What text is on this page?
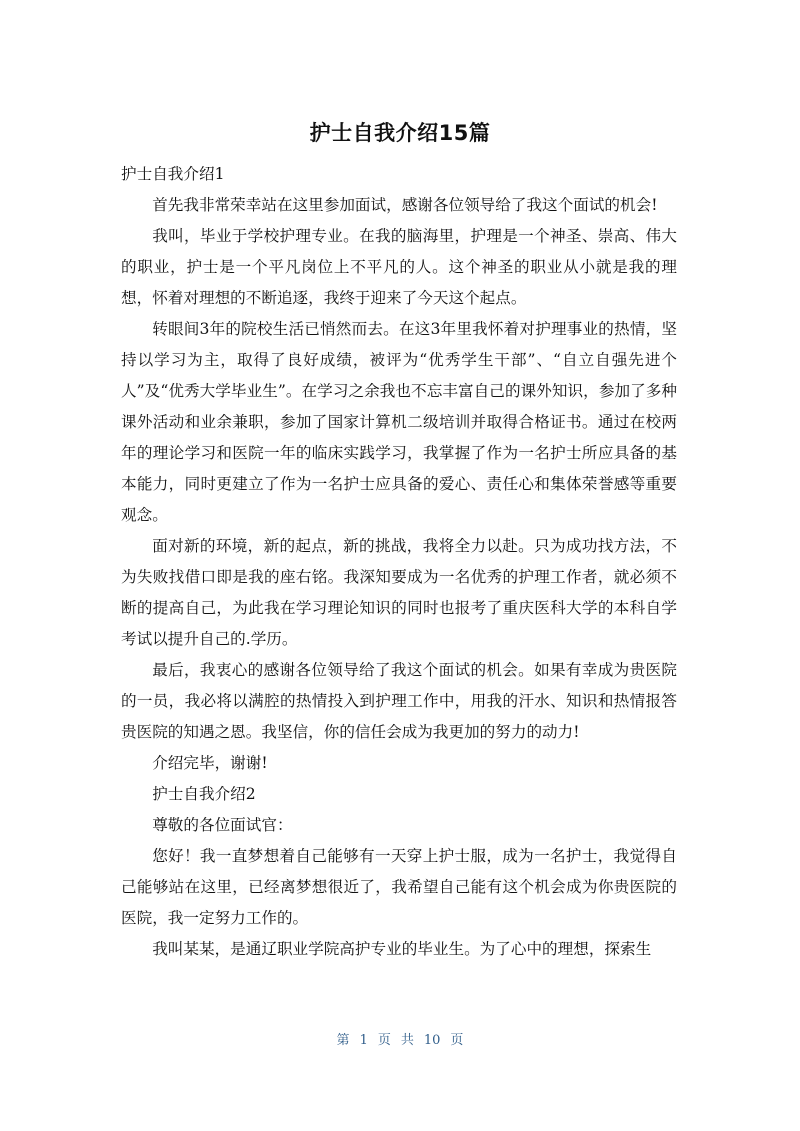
护士自我介绍15篇

护士自我介绍1

首先我非常荣幸站在这里参加面试，感谢各位领导给了我这个面试的机会!

我叫，毕业于学校护理专业。在我的脑海里，护理是一个神圣、崇高、伟大的职业，护士是一个平凡岗位上不平凡的人。这个神圣的职业从小就是我的理想，怀着对理想的不断追逐，我终于迎来了今天这个起点。

转眼间3年的院校生活已悄然而去。在这3年里我怀着对护理事业的热情，坚持以学习为主，取得了良好成绩，被评为“优秀学生干部”、“自立自强先进个人”及“优秀大学毕业生”。在学习之余我也不忘丰富自己的课外知识，参加了多种课外活动和业余兼职，参加了国家计算机二级培训并取得合格证书。通过在校两年的理论学习和医院一年的临床实践学习，我掌握了作为一名护士所应具备的基本能力，同时更建立了作为一名护士应具备的爱心、责任心和集体荣誉感等重要观念。

面对新的环境，新的起点，新的挑战，我将全力以赴。只为成功找方法，不为失败找借口即是我的座右铭。我深知要成为一名优秀的护理工作者，就必须不断的提高自己，为此我在学习理论知识的同时也报考了重庆医科大学的本科自学考试以提升自己的.学历。

最后，我衷心的感谢各位领导给了我这个面试的机会。如果有幸成为贵医院的一员，我必将以满腔的热情投入到护理工作中，用我的汗水、知识和热情报答贵医院的知遇之恩。我坚信，你的信任会成为我更加的努力的动力!

介绍完毕，谢谢!

护士自我介绍2

尊敬的各位面试官：

您好！我一直梦想着自己能够有一天穿上护士服，成为一名护士，我觉得自己能够站在这里，已经离梦想很近了，我希望自己能有这个机会成为你贵医院的医院，我一定努力工作的。

我叫某某，是通辽职业学院高护专业的毕业生。为了心中的理想，探索生

第 1 页 共 10 页
